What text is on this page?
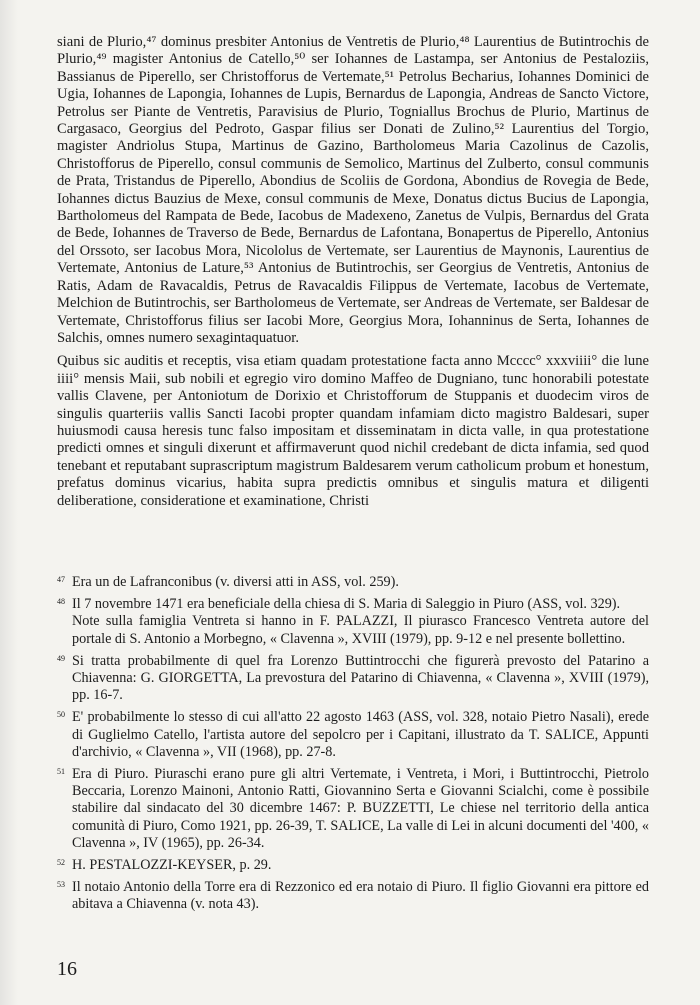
siani de Plurio,⁴⁷ dominus presbiter Antonius de Ventretis de Plurio,⁴⁸ Laurentius de Butintrochis de Plurio,⁴⁹ magister Antonius de Catello,⁵⁰ ser Iohannes de Lastampa, ser Antonius de Pestaloziis, Bassianus de Piperello, ser Christofforus de Vertemate,⁵¹ Petrolus Becharius, Iohannes Dominici de Ugia, Iohannes de Lapongia, Iohannes de Lupis, Bernardus de Lapongia, Andreas de Sancto Victore, Petrolus ser Piante de Ventretis, Paravisius de Plurio, Togniallus Brochus de Plurio, Martinus de Cargasaco, Georgius del Pedroto, Gaspar filius ser Donati de Zulino,⁵² Laurentius del Torgio, magister Andriolus Stupa, Martinus de Gazino, Bartholomeus Maria Cazolinus de Cazolis, Christofforus de Piperello, consul communis de Semolico, Martinus del Zulberto, consul communis de Prata, Tristandus de Piperello, Abondius de Scoliis de Gordona, Abondius de Rovegia de Bede, Iohannes dictus Bauzius de Mexe, consul communis de Mexe, Donatus dictus Bucius de Lapongia, Bartholomeus del Rampata de Bede, Iacobus de Madexeno, Zanetus de Vulpis, Bernardus del Grata de Bede, Iohannes de Traverso de Bede, Bernardus de Lafontana, Bonapertus de Piperello, Antonius del Orssoto, ser Iacobus Mora, Nicololus de Vertemate, ser Laurentius de Maynonis, Laurentius de Vertemate, Antonius de Lature,⁵³ Antonius de Butintrochis, ser Georgius de Ventretis, Antonius de Ratis, Adam de Ravacaldis, Petrus de Ravacaldis Filippus de Vertemate, Iacobus de Vertemate, Melchion de Butintrochis, ser Bartholomeus de Vertemate, ser Andreas de Vertemate, ser Baldesar de Vertemate, Christofforus filius ser Iacobi More, Georgius Mora, Iohanninus de Serta, Iohannes de Salchis, omnes numero sexagintaquatuor.

Quibus sic auditis et receptis, visa etiam quadam protestatione facta anno Mcccc° xxxviiii° die lune iiii° mensis Maii, sub nobili et egregio viro domino Maffeo de Dugniano, tunc honorabili potestate vallis Clavene, per Antoniotum de Dorixio et Christofforum de Stuppanis et duodecim viros de singulis quarteriis vallis Sancti Iacobi propter quandam infamiam dicto magistro Baldesari, super huiusmodi causa heresis tunc falso impositam et disseminatam in dicta valle, in qua protestatione predicti omnes et singuli dixerunt et affirmaverunt quod nichil credebant de dicta infamia, sed quod tenebant et reputabant suprascriptum magistrum Baldesarem verum catholicum probum et honestum, prefatus dominus vicarius, habita supra predictis omnibus et singulis matura et diligenti deliberatione, consideratione et examinatione, Christi

47 Era un de Lafranconibus (v. diversi atti in ASS, vol. 259).
48 Il 7 novembre 1471 era beneficiale della chiesa di S. Maria di Saleggio in Piuro (ASS, vol. 329).
Note sulla famiglia Ventreta si hanno in F. PALAZZI, Il piurasco Francesco Ventreta autore del portale di S. Antonio a Morbegno, « Clavenna », XVIII (1979), pp. 9-12 e nel presente bollettino.
49 Si tratta probabilmente di quel fra Lorenzo Buttintrocchi che figurerà prevosto del Patarino a Chiavenna: G. GIORGETTA, La prevostura del Patarino di Chiavenna, « Clavenna », XVIII (1979), pp. 16-7.
50 E' probabilmente lo stesso di cui all'atto 22 agosto 1463 (ASS, vol. 328, notaio Pietro Nasali), erede di Guglielmo Catello, l'artista autore del sepolcro per i Capitani, illustrato da T. SALICE, Appunti d'archivio, « Clavenna », VII (1968), pp. 27-8.
51 Era di Piuro. Piuraschi erano pure gli altri Vertemate, i Ventreta, i Mori, i Buttintrocchi, Pietrolo Beccaria, Lorenzo Mainoni, Antonio Ratti, Giovannino Serta e Giovanni Scialchi, come è possibile stabilire dal sindacato del 30 dicembre 1467: P. BUZZETTI, Le chiese nel territorio della antica comunità di Piuro, Como 1921, pp. 26-39, T. SALICE, La valle di Lei in alcuni documenti del '400, « Clavenna », IV (1965), pp. 26-34.
52 H. PESTALOZZI-KEYSER, p. 29.
53 Il notaio Antonio della Torre era di Rezzonico ed era notaio di Piuro. Il figlio Giovanni era pittore ed abitava a Chiavenna (v. nota 43).
16
